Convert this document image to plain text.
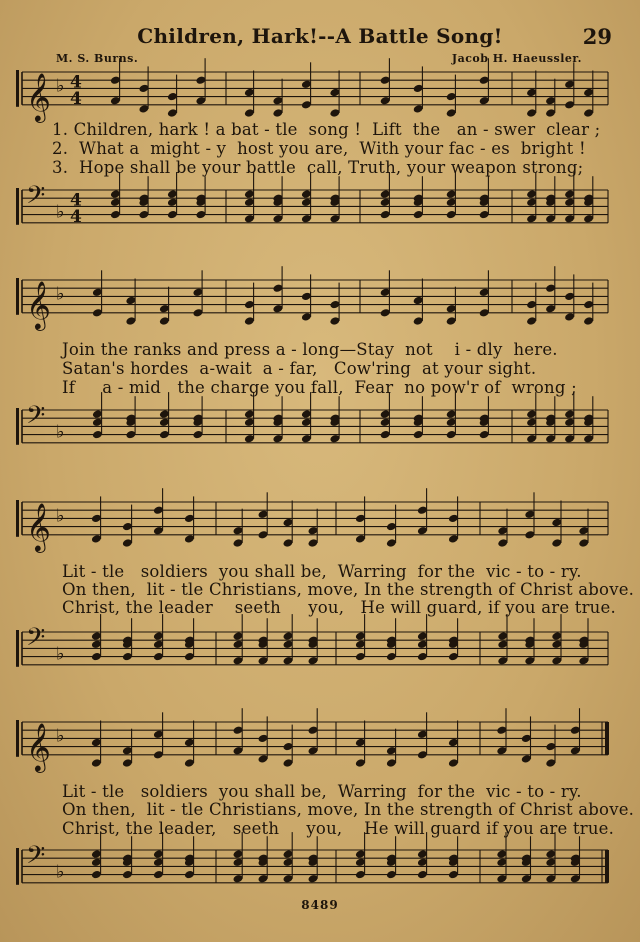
Children, Hark!--A Battle Song!	29
M. S. Burns.	Jacob H. Haeussler.
𝄞 ♭ 4
4
1. Children, hark ! a bat - tle  song !  Lift  the   an - swer  clear ;
2.  What a  might - y  host you are,  With your fac - es  bright !
3.  Hope shall be your battle  call, Truth, your weapon strong;
𝄢 ♭
4
4
𝄞 ♭
Join the ranks and press a - long—Stay  not    i - dly  here.
Satan's hordes  a-wait  a - far,   Cow'ring  at your sight.
If     a - mid   the charge you fall,  Fear  no pow'r of  wrong ;
𝄢 ♭
𝄞 ♭
Lit - tle   soldiers  you shall be,  Warring  for the  vic - to - ry.
On then,  lit - tle Christians, move, In the strength of Christ above.
Christ, the leader    seeth     you,   He will guard, if you are true.
𝄢 ♭
𝄞 ♭
Lit - tle   soldiers  you shall be,  Warring  for the  vic - to - ry.
On then,  lit - tle Christians, move, In the strength of Christ above.
Christ, the leader,   seeth     you,    He will guard if you are true.
𝄢 ♭
8489
